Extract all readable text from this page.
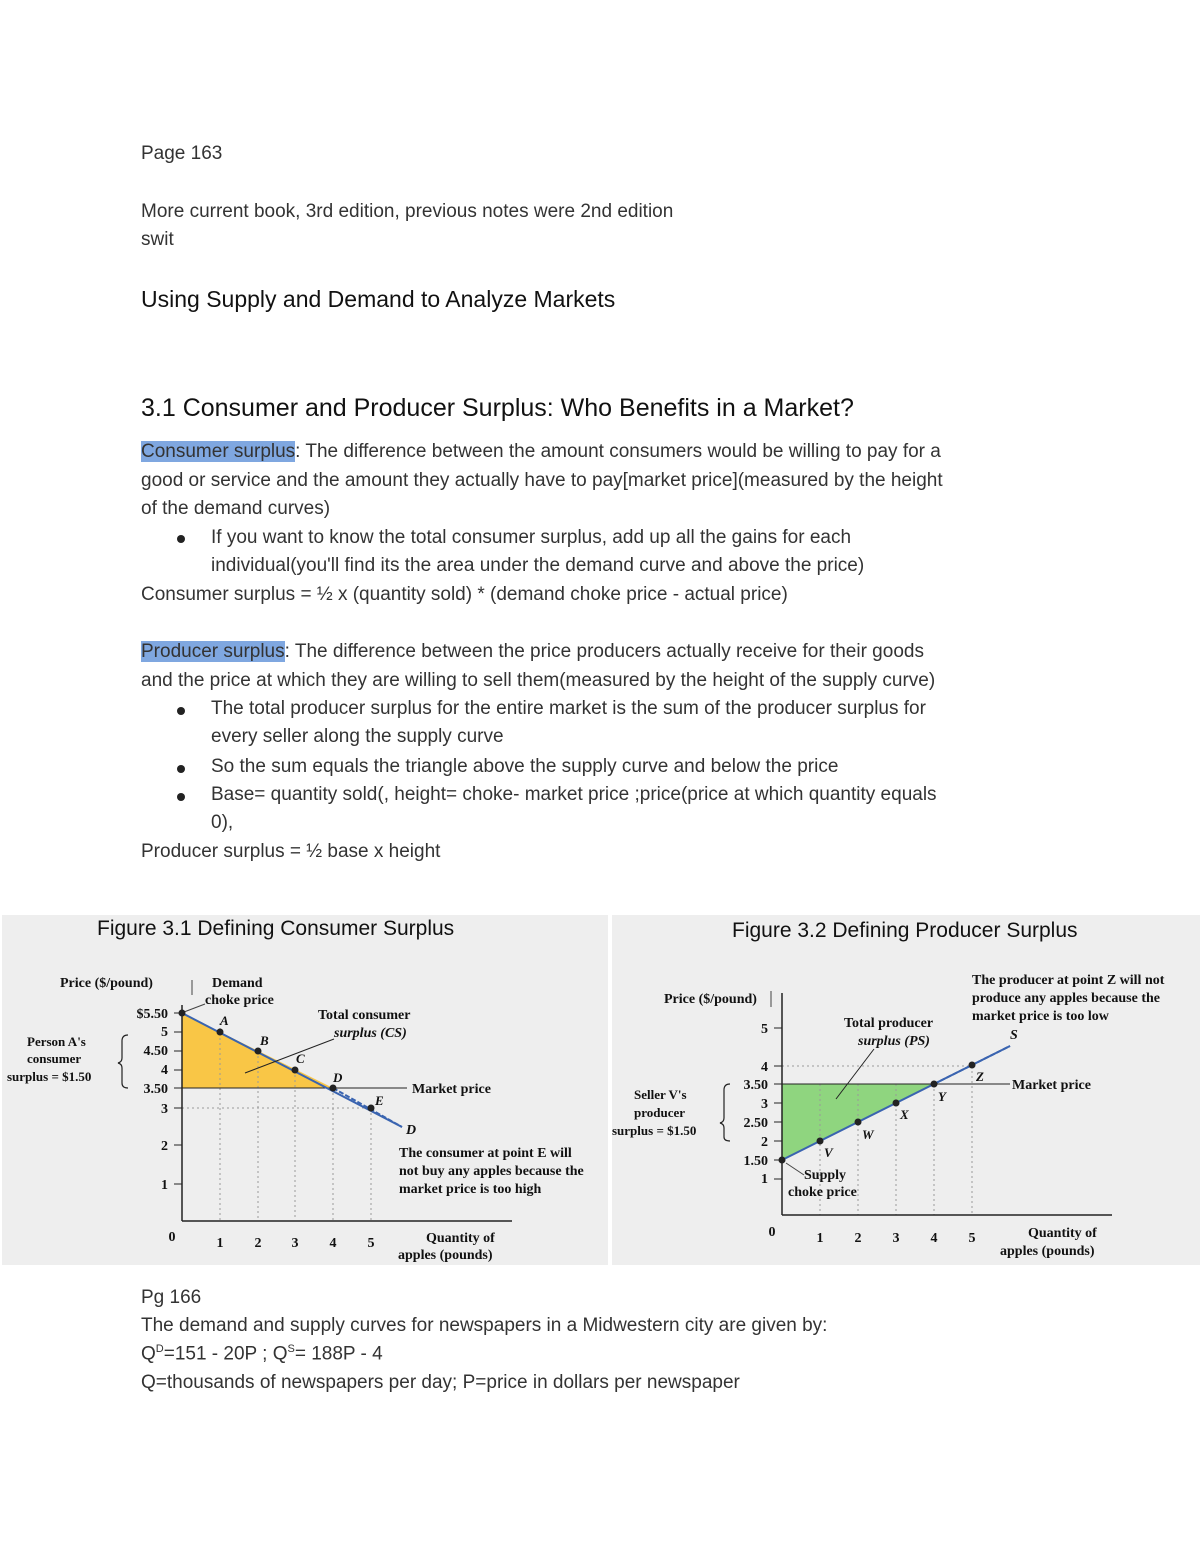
Page 163
More current book, 3rd edition, previous notes were 2nd edition
swit
Using Supply and Demand to Analyze Markets
3.1 Consumer and Producer Surplus: Who Benefits in a Market?
Consumer surplus: The difference between the amount consumers would be willing to pay for a
good or service and the amount they actually have to pay[market price](measured by the height
of the demand curves)
If you want to know the total consumer surplus, add up all the gains for each
individual(you'll find its the area under the demand curve and above the price)
Consumer surplus = ½ x (quantity sold) * (demand choke price - actual price)
Producer surplus: The difference between the price producers actually receive for their goods
and the price at which they are willing to sell them(measured by the height of the supply curve)
The total producer surplus for the entire market is the sum of the producer surplus for
every seller along the supply curve
So the sum equals the triangle above the supply curve and below the price
Base= quantity sold(, height= choke- market price ;price(price at which quantity equals
0),
Producer surplus = ½ base x height
Figure 3.1 Defining Consumer Surplus
Price ($/pound)	Demand
choke price
Market price
A
B
C
D
E
D
Total consumer
surplus (CS)
$5.50
5
4.50
4
3.50
3
2
1
0	1 2 3 4 5	Quantity of
apples (pounds)
Person A's
consumer
surplus = $1.50
The consumer at point E will
not buy any apples because the
market price is too high
Figure 3.2 Defining Producer Surplus
Price ($/pound)
Market price
V
W
X
Y
Z
S
Total producer
surplus (PS)
5
4
3.50
3
2.50
2
1.50
1
0	1 2 3 4 5	Quantity of
apples (pounds)
Seller V's
producer
surplus = $1.50
Supply
choke price
The producer at point Z will not
produce any apples because the
market price is too low
Pg 166
The demand and supply curves for newspapers in a Midwestern city are given by:
$Q^D=151 - 20P$ ; $Q^S= 188P - 4$
Q=thousands of newspapers per day; P=price in dollars per newspaper
